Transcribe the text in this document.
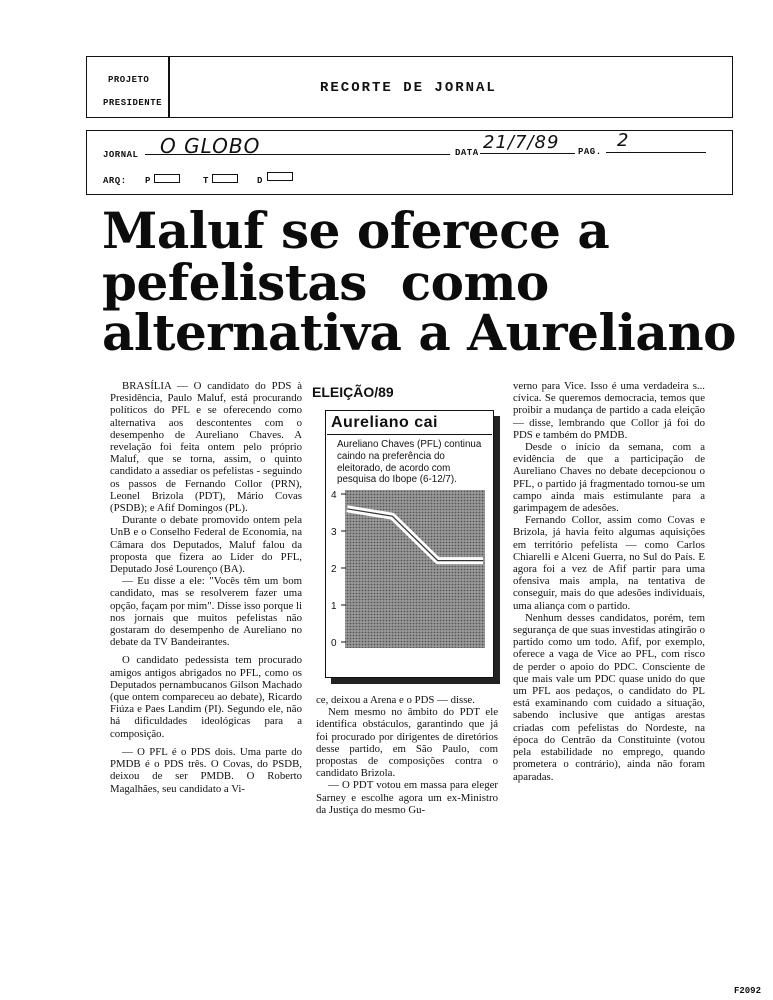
PROJETO
PRESIDENTE
RECORTE DE JORNAL
JORNAL O GLOBO	DATA 21/7/89 PAG.
2
ARQ: P	T	D
Maluf se oferece a
pefelistas  como
alternativa a Aureliano

BRASÍLIA — O candidato do PDS à Presidência, Paulo Maluf, está procurando políticos do PFL e se oferecendo como alternativa aos descontentes com o desempenho de Aureliano Chaves. A revelação foi feita ontem pelo próprio Maluf, que se torna, assim, o quinto candidato a assediar os pefelistas - seguindo os passos de Fernando Collor (PRN), Leonel Brizola (PDT), Mário Covas (PSDB); e Afif Domingos (PL).

Durante o debate promovido ontem pela UnB e o Conselho Federal de Economia, na Câmara dos Deputados, Maluf falou da proposta que fizera ao Líder do PFL, Deputado José Lourenço (BA).

— Eu disse a ele: "Vocês têm um bom candidato, mas se resolverem fazer uma opção, façam por mim". Disse isso porque li nos jornais que muitos pefelistas não gostaram do desempenho de Aureliano no debate da TV Bandeirantes.

O candidato pedessista tem procurado amigos antigos abrigados no PFL, como os Deputados pernambucanos Gilson Machado (que ontem compareceu ao debate), Ricardo Fiúza e Paes Landim (PI). Segundo ele, não há dificuldades ideológicas para a composição.

— O PFL é o PDS dois. Uma parte do PMDB é o PDS três. O Covas, do PSDB, deixou de ser PMDB. O Roberto Magalhães, seu candidato a Vi-

ELEIÇÃO/89
Aureliano cai
Aureliano Chaves (PFL) continua caindo na preferência do eleitorado, de acordo com pesquisa do Ibope (6-12/7).
4
3
2
1
0

ce, deixou a Arena e o PDS — disse.

Nem mesmo no âmbito do PDT ele identifica obstáculos, garantindo que já foi procurado por dirigentes de diretórios desse partido, em São Paulo, com propostas de composições contra o candidato Brizola.

— O PDT votou em massa para eleger Sarney e escolhe agora um ex-Ministro da Justiça do mesmo Gu-

verno para Vice. Isso é uma verdadeira s... cívica. Se queremos democracia, temos que proibir a mudança de partido a cada eleição — disse, lembrando que Collor já foi do PDS e também do PMDB.

Desde o início da semana, com a evidência de que a participação de Aureliano Chaves no debate decepcionou o PFL, o partido já fragmentado tornou-se um campo ainda mais estimulante para a garimpagem de adesões.

Fernando Collor, assim como Covas e Brizola, já havia feito algumas aquisições em território pefelista — como Carlos Chiarelli e Alceni Guerra, no Sul do País. E agora foi a vez de Afif partir para uma ofensiva mais ampla, na tentativa de conseguir, mais do que adesões individuais, uma aliança com o partido.

Nenhum desses candidatos, porém, tem segurança de que suas investidas atingirão o partido como um todo. Afif, por exemplo, oferece a vaga de Vice ao PFL, com risco de perder o apoio do PDC. Consciente de que mais vale um PDC quase unido do que um PFL aos pedaços, o candidato do PL está examinando com cuidado a situação, sabendo inclusive que antigas arestas criadas com pefelistas do Nordeste, na época do Centrão da Constituinte (votou pela estabilidade no emprego, quando prometera o contrário), ainda não foram aparadas.

F2092
